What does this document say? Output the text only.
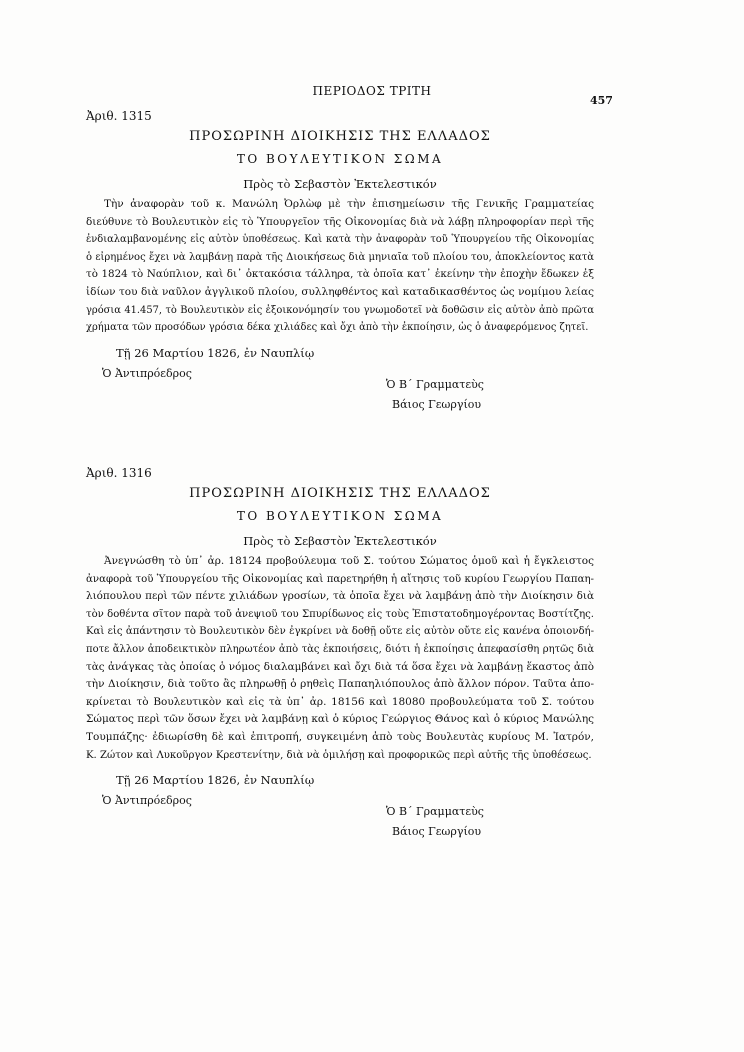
ΠΕΡΙΟΔΟΣ ΤΡΙΤΗ
457
Ἀριθ. 1315
ΠΡΟΣΩΡΙΝΗ ΔΙΟΙΚΗΣΙΣ ΤΗΣ ΕΛΛΑΔΟΣ
ΤΟ ΒΟΥΛΕΥΤΙΚΟΝ ΣΩΜΑ
Πρὸς τὸ Σεβαστὸν Ἐκτελεστικόν
Τὴν ἀναφορὰν τοῦ κ. Μανώλη Ὀρλὼφ μὲ τὴν ἐπισημείωσιν τῆς Γενικῆς Γραμματείας
διεύθυνε τὸ Βουλευτικὸν εἰς τὸ Ὑπουργεῖον τῆς Οἰκονομίας διὰ νὰ λάβῃ πληροφορίαν περὶ τῆς
ἐνδιαλαμβανομένης εἰς αὐτὸν ὑποθέσεως. Καὶ κατὰ τὴν ἀναφορὰν τοῦ Ὑπουργείου τῆς Οἰκονομίας
ὁ εἰρημένος ἔχει νὰ λαμβάνῃ παρὰ τῆς Διοικήσεως διὰ μηνιαῖα τοῦ πλοίου του, ἀποκλείοντος κατὰ
τὸ 1824 τὸ Ναύπλιον, καὶ δι᾽ ὀκτακόσια τάλληρα, τὰ ὁποῖα κατ᾽ ἐκείνην τὴν ἐποχὴν ἔδωκεν ἐξ
ἰδίων του διὰ ναῦλον ἀγγλικοῦ πλοίου, συλληφθέντος καὶ καταδικασθέντος ὡς νομίμου λείας
γρόσια 41.457, τὸ Βουλευτικὸν εἰς ἐξοικονόμησίν του γνωμοδοτεῖ νὰ δοθῶσιν εἰς αὐτὸν ἀπὸ πρῶτα
χρήματα τῶν προσόδων γρόσια δέκα χιλιάδες καὶ ὄχι ἀπὸ τὴν ἐκποίησιν, ὡς ὁ ἀναφερόμενος ζητεῖ.
Τῇ 26 Μαρτίου 1826, ἐν Ναυπλίῳ
Ὁ Ἀντιπρόεδρος
Ὁ Β΄ Γραμματεὺς
Βάιος Γεωργίου
Ἀριθ. 1316
ΠΡΟΣΩΡΙΝΗ ΔΙΟΙΚΗΣΙΣ ΤΗΣ ΕΛΛΑΔΟΣ
ΤΟ ΒΟΥΛΕΥΤΙΚΟΝ ΣΩΜΑ
Πρὸς τὸ Σεβαστὸν Ἐκτελεστικόν
Ἀνεγνώσθη τὸ ὑπ᾽ ἀρ. 18124 προβούλευμα τοῦ Σ. τούτου Σώματος ὁμοῦ καὶ ἡ ἔγκλειστος
ἀναφορὰ τοῦ Ὑπουργείου τῆς Οἰκονομίας καὶ παρετηρήθη ἡ αἴτησις τοῦ κυρίου Γεωργίου Παπαη-
λιόπουλου περὶ τῶν πέντε χιλιάδων γροσίων, τὰ ὁποῖα ἔχει νὰ λαμβάνῃ ἀπὸ τὴν Διοίκησιν διὰ
τὸν δοθέντα σῖτον παρὰ τοῦ ἀνεψιοῦ του Σπυρίδωνος εἰς τοὺς Ἐπιστατοδημογέροντας Βοστίτζης.
Καὶ εἰς ἀπάντησιν τὸ Βουλευτικὸν δὲν ἐγκρίνει νὰ δοθῇ οὔτε εἰς αὐτὸν οὔτε εἰς κανένα ὁποιονδή-
ποτε ἄλλον ἀποδεικτικὸν πληρωτέον ἀπὸ τὰς ἐκποιήσεις, διότι ἡ ἐκποίησις ἀπεφασίσθη ρητῶς διὰ
τὰς ἀνάγκας τὰς ὁποίας ὁ νόμος διαλαμβάνει καὶ ὄχι διὰ τά ὅσα ἔχει νὰ λαμβάνῃ ἕκαστος ἀπὸ
τὴν Διοίκησιν, διὰ τοῦτο ἂς πληρωθῇ ὁ ρηθεὶς Παπαηλιόπουλος ἀπὸ ἄλλον πόρον. Ταῦτα ἀπο-
κρίνεται τὸ Βουλευτικὸν καὶ εἰς τὰ ὑπ᾽ ἀρ. 18156 καὶ 18080 προβουλεύματα τοῦ Σ. τούτου
Σώματος περὶ τῶν ὅσων ἔχει νὰ λαμβάνῃ καὶ ὁ κύριος Γεώργιος Θάνος καὶ ὁ κύριος Μανώλης
Τουμπάζης· ἐδιωρίσθη δὲ καὶ ἐπιτροπή, συγκειμένη ἀπὸ τοὺς Βουλευτὰς κυρίους Μ. Ἰατρόν,
Κ. Ζώτον καὶ Λυκοῦργον Κρεστενίτην, διὰ νὰ ὁμιλήσῃ καὶ προφορικῶς περὶ αὐτῆς τῆς ὑποθέσεως.
Τῇ 26 Μαρτίου 1826, ἐν Ναυπλίῳ
Ὁ Ἀντιπρόεδρος
Ὁ Β΄ Γραμματεὺς
Βάιος Γεωργίου
